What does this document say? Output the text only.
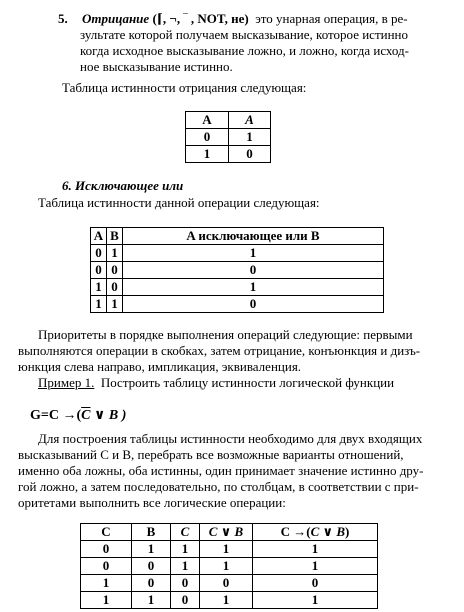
5. Отрицание (⌈, ¬, ‾ , NOT, не) это унарная операция, в ре-
зультате которой получаем высказывание, которое истинно
когда исходное высказывание ложно, и ложно, когда исход-
ное высказывание истинно.
Таблица истинности отрицания следующая:
A	$\overline{A}$
0	1
1	0
6. Исключающее или
Таблица истинности данной операции следующая:
A	B	A исключающее или B
0	1	1
0	0	0
1	0	1
1	1	0
Приоритеты в порядке выполнения операций следующие: первыми
выполняются операции в скобках, затем отрицание, конъюнкция и дизъ-
юнкция слева направо, импликация, эквиваленция.
Пример 1. Построить таблицу истинности логической функции
$G=C \to(\overline{C}$ ∨ B )
Для построения таблицы истинности необходимо для двух входящих
высказываний C и B, перебрать все возможные варианты отношений,
именно оба ложны, оба истинны, один принимает значение истинно дру-
гой ложно, а затем последовательно, по столбцам, в соответствии с при-
оритетами выполнить все логические операции:
C	B	$\overline{C}$	$\overline{C}$ ∨ B	$C \to(\overline{C}$ ∨ B)
0	1	1	1	1
0	0	1	1	1
1	0	0	0	0
1	1	0	1	1
